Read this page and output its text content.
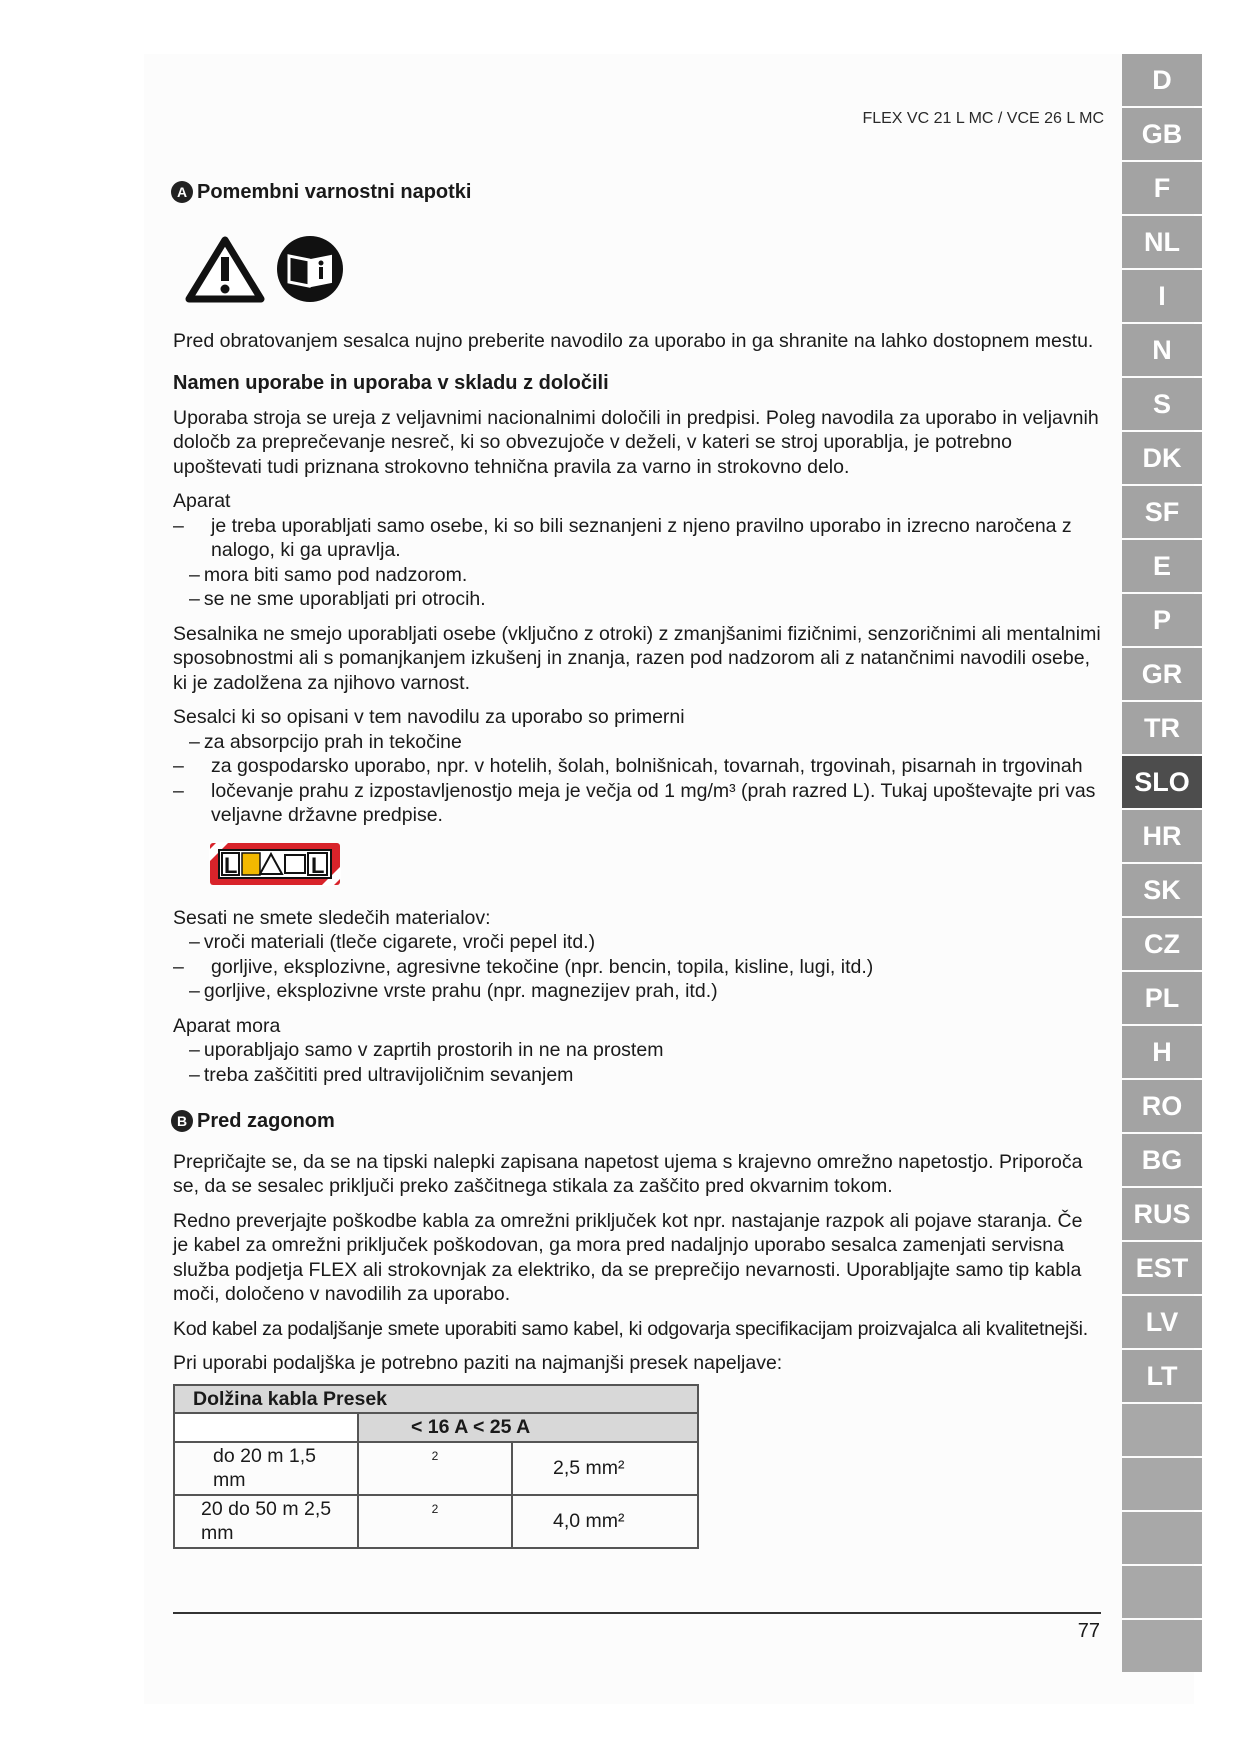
FLEX VC 21 L MC / VCE 26 L MC
A Pomembni varnostni napotki

Pred obratovanjem sesalca nujno preberite navodilo za uporabo in ga shranite na lahko dostopnem mestu.

Namen uporabe in uporaba v skladu z določili

Uporaba stroja se ureja z veljavnimi nacionalnimi določili in predpisi. Poleg navodila za uporabo in veljavnih določb za preprečevanje nesreč, ki so obvezujoče v deželi, v kateri se stroj uporablja, je potrebno upoštevati tudi priznana strokovno tehnična pravila za varno in strokovno delo.

Aparat

–	je treba uporabljati samo osebe, ki so bili seznanjeni z njeno pravilno uporabo in izrecno naročena z nalogo, ki ga upravlja.
– mora biti samo pod nadzorom.
– se ne sme uporabljati pri otrocih.

Sesalnika ne smejo uporabljati osebe (vključno z otroki) z zmanjšanimi fizičnimi, senzoričnimi ali mentalnimi sposobnostmi ali s pomanjkanjem izkušenj in znanja, razen pod nadzorom ali z natančnimi navodili osebe, ki je zadolžena za njihovo varnost.

Sesalci ki so opisani v tem navodilu za uporabo so primerni

– za absorpcijo prah in tekočine
–	za gospodarsko uporabo, npr. v hotelih, šolah, bolnišnicah, tovarnah, trgovinah, pisarnah in trgovinah
–	ločevanje prahu z izpostavljenostjo meja je večja od 1 mg/m³ (prah razred L). Tukaj upoštevajte pri vas veljavne državne predpise.
L	L

Sesati ne smete sledečih materialov:

– vroči materiali (tleče cigarete, vroči pepel itd.)
–	gorljive, eksplozivne, agresivne tekočine (npr. bencin, topila, kisline, lugi, itd.)
– gorljive, eksplozivne vrste prahu (npr. magnezijev prah, itd.)

Aparat mora

– uporabljajo samo v zaprtih prostorih in ne na prostem
– treba zaščititi pred ultravijoličnim sevanjem
B Pred zagonom

Prepričajte se, da se na tipski nalepki zapisana napetost ujema s krajevno omrežno napetostjo. Priporoča se, da se sesalec priključi preko zaščitnega stikala za zaščito pred okvarnim tokom.

Redno preverjajte poškodbe kabla za omrežni priključek kot npr. nastajanje razpok ali pojave staranja. Če je kabel za omrežni priključek poškodovan, ga mora pred nadaljnjo uporabo sesalca zamenjati servisna služba podjetja FLEX ali strokovnjak za elektriko, da se preprečijo nevarnosti. Uporabljajte samo tip kabla moči, določeno v navodilih za uporabo.

Kod kabel za podaljšanje smete uporabiti samo kabel, ki odgovarja specifikacijam proizvajalca ali kvalitetnejši.

Pri uporabi podaljška je potrebno paziti na najmanjši presek napeljave:

Dolžina kabla Presek		
	< 16 A < 25 A	
do 20 m 1,5 mm	2	2,5 mm²
20 do 50 m 2,5 mm	2	4,0 mm²
77
D
GB
F
NL
I
N
S
DK
SF
E
P
GR
TR
SLO
HR
SK
CZ
PL
H
RO
BG
RUS
EST
LV
LT
